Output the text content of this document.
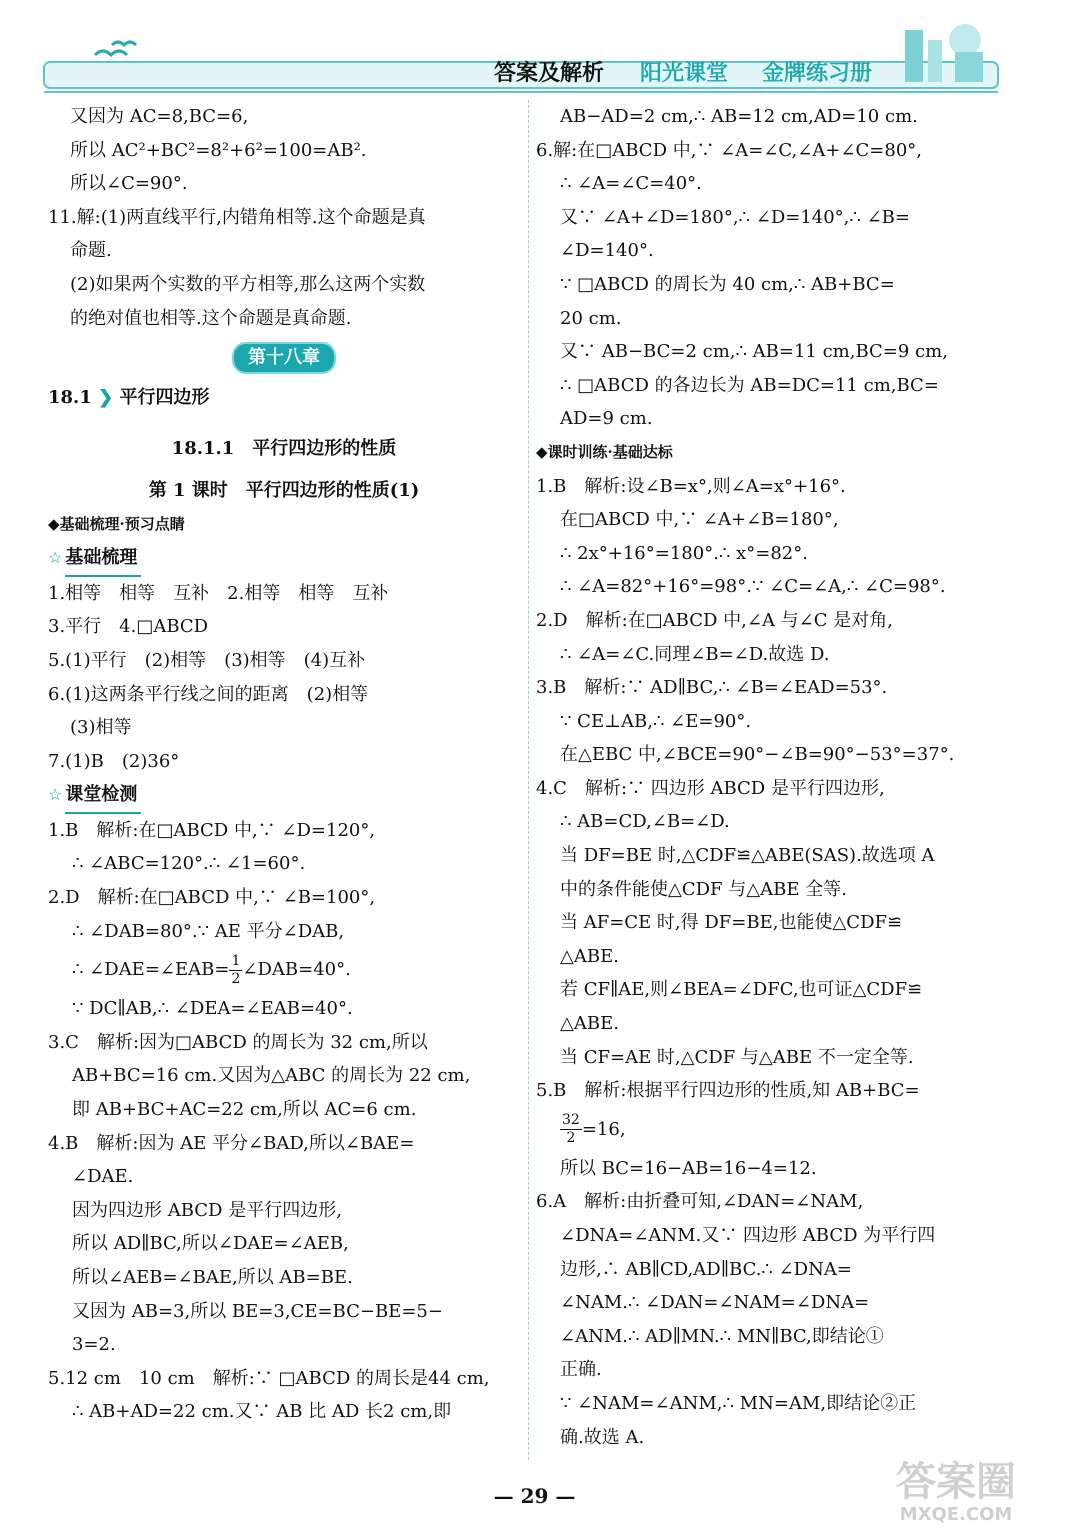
答案及解析 阳光课堂 金牌练习册

又因为 AC=8,BC=6,

所以 AC²+BC²=8²+6²=100=AB².

所以∠C=90°.

11.解:(1)两直线平行,内错角相等.这个命题是真

命题.

(2)如果两个实数的平方相等,那么这两个实数

的绝对值也相等.这个命题是真命题.

第十八章

18.1 ❯ 平行四边形

18.1.1　平行四边形的性质

第 1 课时　平行四边形的性质(1)

◆基础梳理·预习点睛

☆ 基础梳理

1.相等　相等　互补　2.相等　相等　互补

3.平行　4.□ABCD

5.(1)平行　(2)相等　(3)相等　(4)互补

6.(1)这两条平行线之间的距离　(2)相等

(3)相等

7.(1)B　(2)36°

☆ 课堂检测

1.B　解析:在□ABCD 中,∵ ∠D=120°,

∴ ∠ABC=120°.∴ ∠1=60°.

2.D　解析:在□ABCD 中,∵ ∠B=100°,

∴ ∠DAB=80°.∵ AE 平分∠DAB,

∴ ∠DAE=∠EAB= $\frac{1}{2}$ ∠DAB=40°.

∵ DC∥AB,∴ ∠DEA=∠EAB=40°.

3.C　解析:因为□ABCD 的周长为 32 cm,所以

AB+BC=16 cm.又因为△ABC 的周长为 22 cm,

即 AB+BC+AC=22 cm,所以 AC=6 cm.

4.B　解析:因为 AE 平分∠BAD,所以∠BAE=

∠DAE.

因为四边形 ABCD 是平行四边形,

所以 AD∥BC,所以∠DAE=∠AEB,

所以∠AEB=∠BAE,所以 AB=BE.

又因为 AB=3,所以 BE=3,CE=BC−BE=5−

3=2.

5.12 cm　10 cm　解析:∵ □ABCD 的周长是44 cm,

∴ AB+AD=22 cm.又∵ AB 比 AD 长2 cm,即

AB−AD=2 cm,∴ AB=12 cm,AD=10 cm.

6.解:在□ABCD 中,∵ ∠A=∠C,∠A+∠C=80°,

∴ ∠A=∠C=40°.

又∵ ∠A+∠D=180°,∴ ∠D=140°,∴ ∠B=

∠D=140°.

∵ □ABCD 的周长为 40 cm,∴ AB+BC=

20 cm.

又∵ AB−BC=2 cm,∴ AB=11 cm,BC=9 cm,

∴ □ABCD 的各边长为 AB=DC=11 cm,BC=

AD=9 cm.

◆课时训练·基础达标

1.B　解析:设∠B=x°,则∠A=x°+16°.

在□ABCD 中,∵ ∠A+∠B=180°,

∴ 2x°+16°=180°.∴ x°=82°.

∴ ∠A=82°+16°=98°.∵ ∠C=∠A,∴ ∠C=98°.

2.D　解析:在□ABCD 中,∠A 与∠C 是对角,

∴ ∠A=∠C.同理∠B=∠D.故选 D.

3.B　解析:∵ AD∥BC,∴ ∠B=∠EAD=53°.

∵ CE⊥AB,∴ ∠E=90°.

在△EBC 中,∠BCE=90°−∠B=90°−53°=37°.

4.C　解析:∵ 四边形 ABCD 是平行四边形,

∴ AB=CD,∠B=∠D.

当 DF=BE 时,△CDF≌△ABE(SAS).故选项 A

中的条件能使△CDF 与△ABE 全等.

当 AF=CE 时,得 DF=BE,也能使△CDF≌

△ABE.

若 CF∥AE,则∠BEA=∠DFC,也可证△CDF≌

△ABE.

当 CF=AE 时,△CDF 与△ABE 不一定全等.

5.B　解析:根据平行四边形的性质,知 AB+BC=

$\frac{32}{2} =16$,

所以 BC=16−AB=16−4=12.

6.A　解析:由折叠可知,∠DAN=∠NAM,

∠DNA=∠ANM.又∵ 四边形 ABCD 为平行四

边形,∴ AB∥CD,AD∥BC.∴ ∠DNA=

∠NAM.∴ ∠DAN=∠NAM=∠DNA=

∠ANM.∴ AD∥MN.∴ MN∥BC,即结论①

正确.

∵ ∠NAM=∠ANM,∴ MN=AM,即结论②正

确.故选 A.

— 29 —	答案圈
MXQE.COM
